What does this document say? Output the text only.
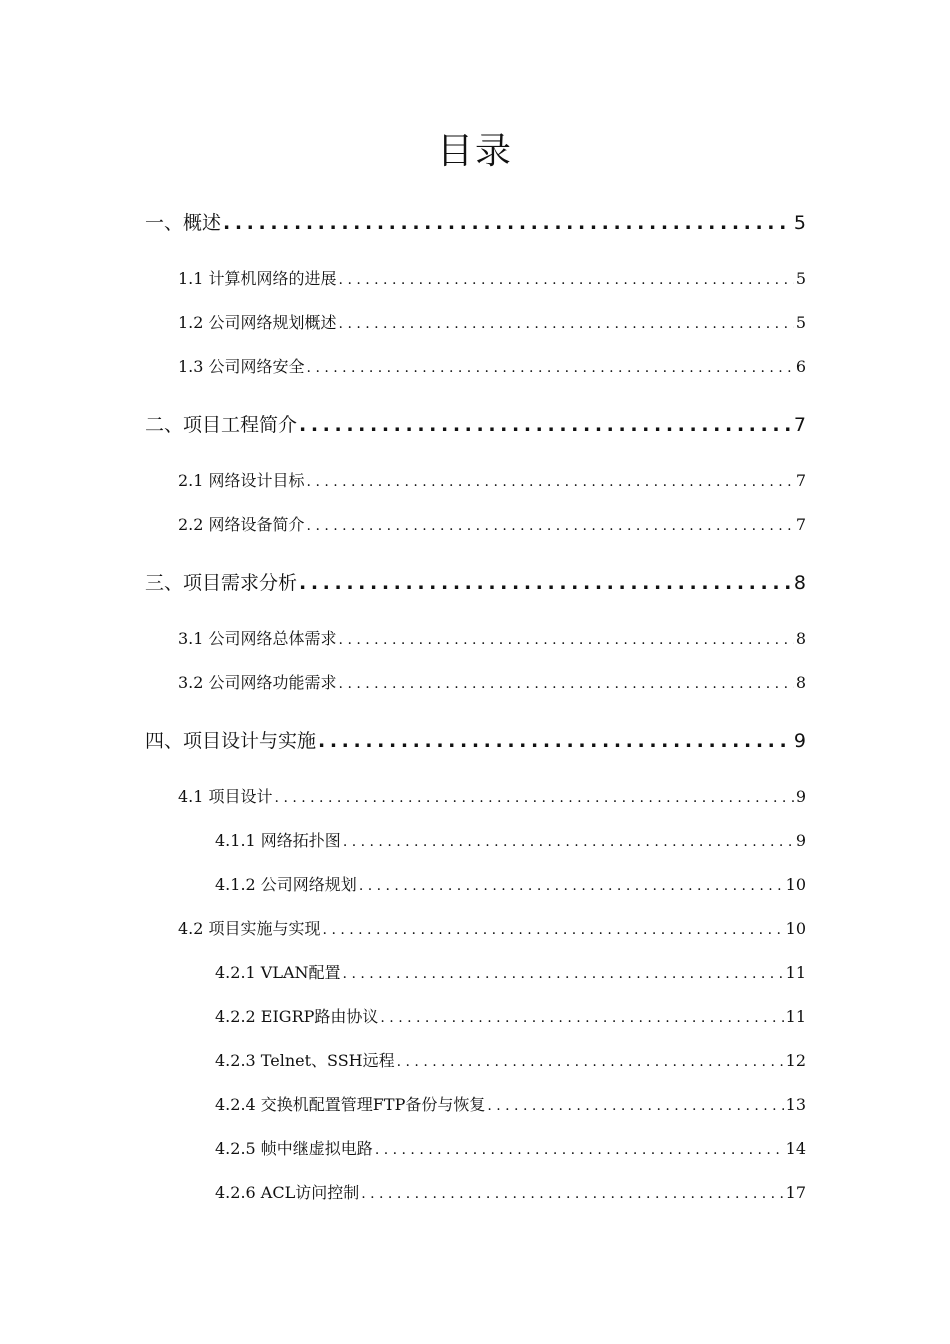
目录
一、概述 . . .	5
1.1 计算机网络的进展 . . .	5
1.2 公司网络规划概述 . . .	5
1.3 公司网络安全 . . .	6
二、项目工程简介 . . .	7
2.1 网络设计目标 . . .	7
2.2 网络设备简介 . . .	7
三、项目需求分析 . . .	8
3.1 公司网络总体需求 . . .	8
3.2 公司网络功能需求 . . .	8
四、项目设计与实施 . . .	9
4.1 项目设计 . . .	9
4.1.1 网络拓扑图 . . .	9
4.1.2 公司网络规划 . . .	10
4.2 项目实施与实现 . . .	10
4.2.1 VLAN配置 . . .	11
4.2.2 EIGRP路由协议 . . .	11
4.2.3 Telnet、SSH远程 . . .	12
4.2.4 交换机配置管理FTP备份与恢复 . . .	13
4.2.5 帧中继虚拟电路 . . .	14
4.2.6 ACL访问控制 . . .	17
